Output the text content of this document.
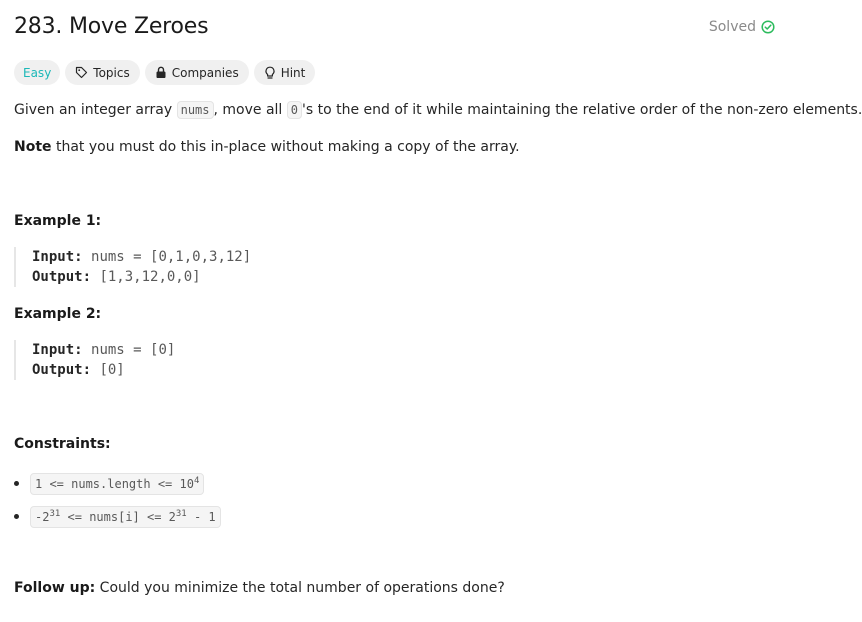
283. Move Zeroes	Solved
Easy	Topics	Companies	Hint
Given an integer array nums , move all 0 's to the end of it while maintaining the relative order of the non-zero elements.
Note that you must do this in-place without making a copy of the array.
Example 1:
Input: nums = [0,1,0,3,12]
Output: [1,3,12,0,0]
Example 2:
Input: nums = [0]
Output: [0]
Constraints:
1 <= nums.length <= $10^4$
$-2^{31}$ <= nums[i] <= $2^{31} - 1$
Follow up: Could you minimize the total number of operations done?
